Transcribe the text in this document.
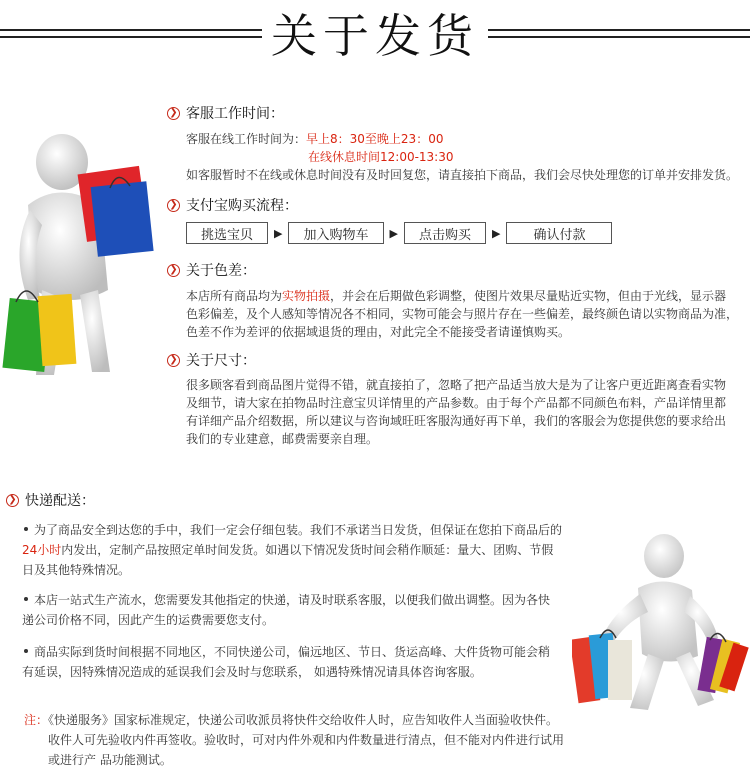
关于发货
❯ 客服工作时间：
客服在线工作时间为：早上8：30至晚上23：00
在线休息时间12:00-13:30
如客服暂时不在线或休息时间没有及时回复您，请直接拍下商品，我们会尽快处理您的订单并安排发货。
❯ 支付宝购买流程：
挑选宝贝	▶	加入购物车	▶	点击购买	▶	确认付款
❯ 关于色差：
本店所有商品均为实物拍摄，并会在后期做色彩调整，使图片效果尽量贴近实物，但由于光线，显示器
色彩偏差，及个人感知等情况各不相同，实物可能会与照片存在一些偏差，最终颜色请以实物商品为准，
色差不作为差评的依据域退货的理由，对此完全不能接受者请谨慎购买。
❯ 关于尺寸：
很多顾客看到商品图片觉得不错，就直接拍了，忽略了把产品适当放大是为了让客户更近距离查看实物
及细节，请大家在拍物品时注意宝贝详情里的产品参数。由于每个产品都不同颜色布料，产品详情里都
有详细产品介绍数据，所以建议与咨询域旺旺客服沟通好再下单，我们的客服会为您提供您的要求给出
我们的专业建意，邮费需要亲自理。
❯ 快递配送：
为了商品安全到达您的手中，我们一定会仔细包装。我们不承诺当日发货，但保证在您拍下商品后的
24小时内发出，定制产品按照定单时间发货。如遇以下情况发货时间会稍作顺延：量大、团购、节假
日及其他特殊情况。
本店一站式生产流水，您需要发其他指定的快递，请及时联系客服，以便我们做出调整。因为各快
递公司价格不同，因此产生的运费需要您支付。
商品实际到货时间根据不同地区，不同快递公司，偏远地区、节日、货运高峰、大件货物可能会稍
有延误，因特殊情况造成的延误我们会及时与您联系， 如遇特殊情况请具体咨询客服。
注：《快递服务》国家标准规定，快递公司收派员将快件交给收件人时，应告知收件人当面验收快件。
收件人可先验收内件再签收。验收时，可对内件外观和内件数量进行清点，但不能对内件进行试用
或进行产 品功能测试。
